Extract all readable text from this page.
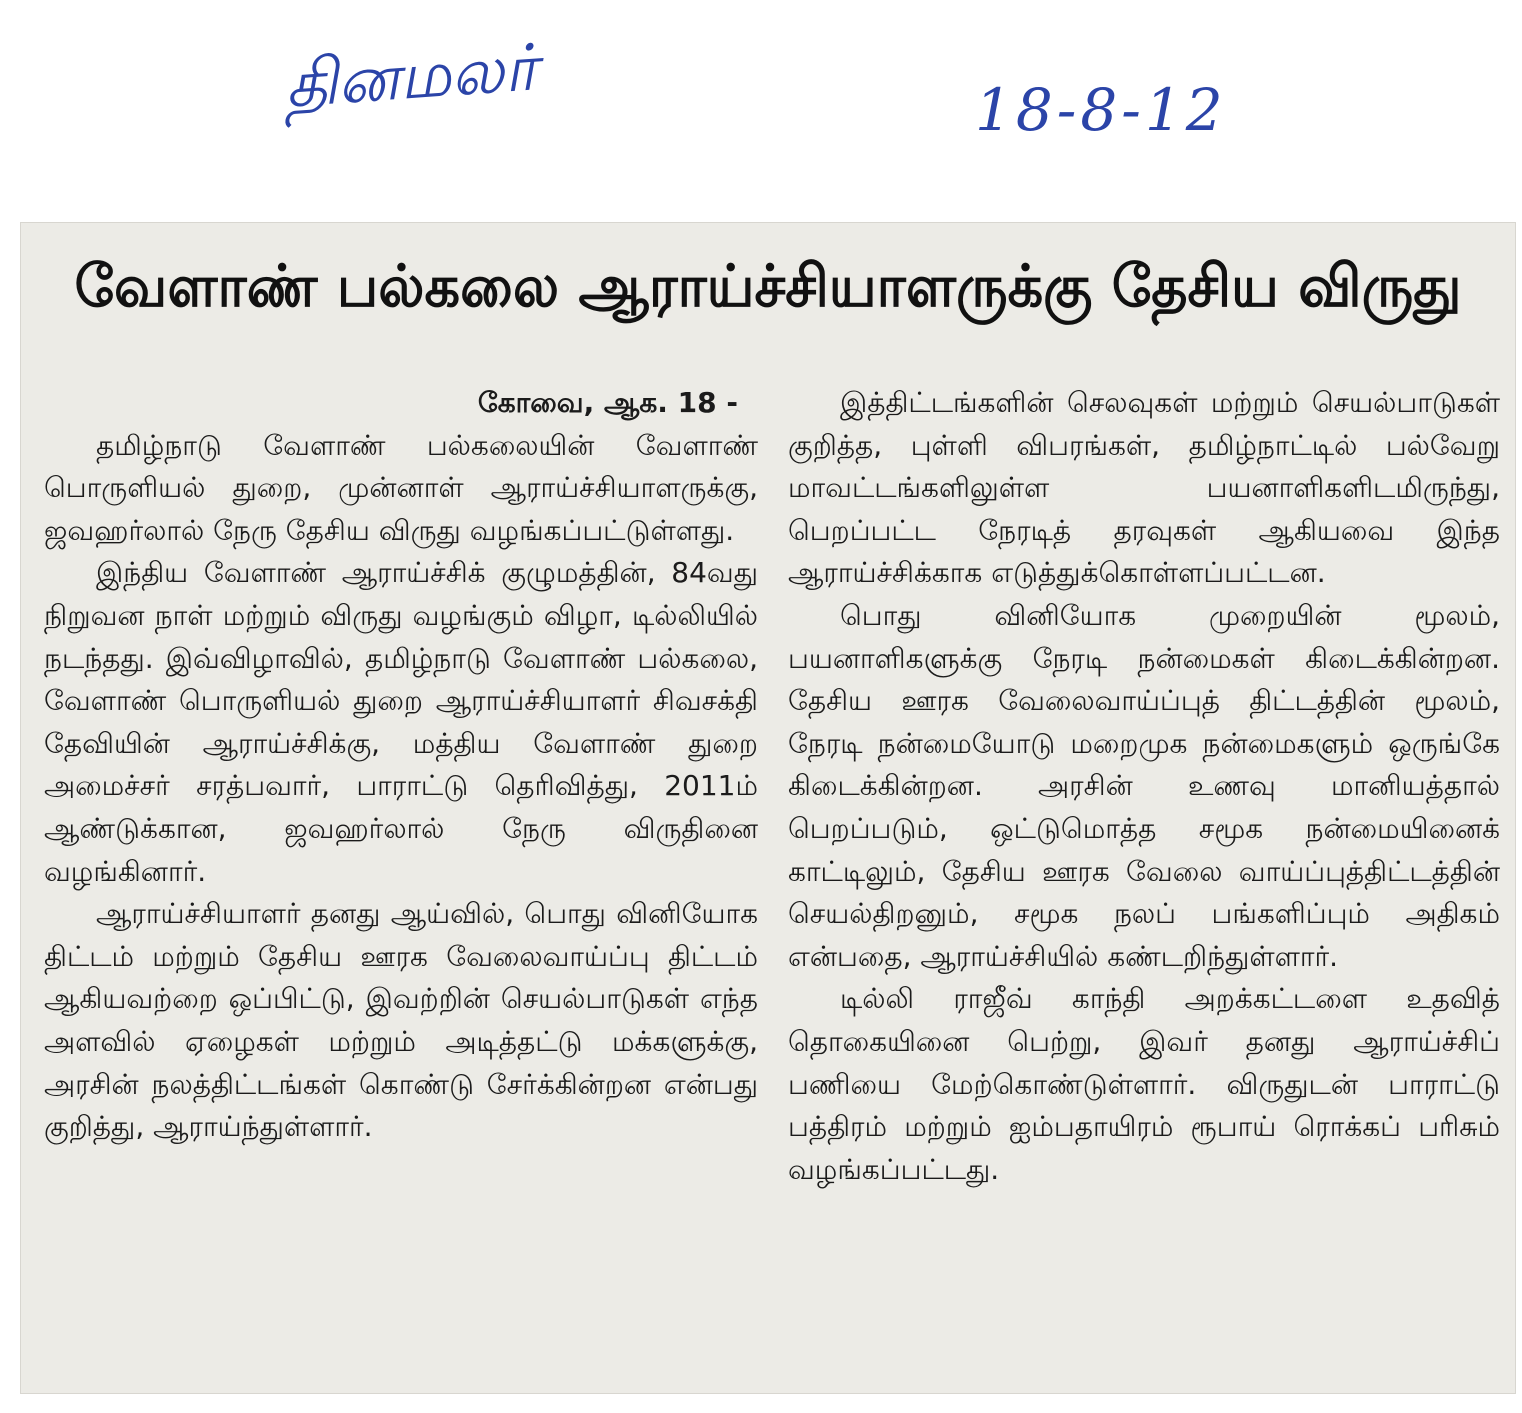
தினமலர்	18-8-12
வேளாண் பல்கலை ஆராய்ச்சியாளருக்கு தேசிய விருது

கோவை, ஆக. 18 -

தமிழ்நாடு வேளாண் பல்கலையின் வேளாண் பொருளியல் துறை, முன்னாள் ஆராய்ச்சியாளருக்கு, ஜவஹர்லால் நேரு தேசிய விருது வழங்கப்பட்டுள்ளது.

இந்திய வேளாண் ஆராய்ச்சிக் குழுமத்தின், 84வது நிறுவன நாள் மற்றும் விருது வழங்கும் விழா, டில்லியில் நடந்தது. இவ்விழாவில், தமிழ்நாடு வேளாண் பல்கலை, வேளாண் பொருளியல் துறை ஆராய்ச்சியாளர் சிவசக்தி தேவியின் ஆராய்ச்சிக்கு, மத்திய வேளாண் துறை அமைச்சர் சரத்பவார், பாராட்டு தெரிவித்து, 2011ம் ஆண்டுக்கான, ஜவஹர்லால் நேரு விருதினை வழங்கினார்.

ஆராய்ச்சியாளர் தனது ஆய்வில், பொது வினியோக திட்டம் மற்றும் தேசிய ஊரக வேலைவாய்ப்பு திட்டம் ஆகியவற்றை ஒப்பிட்டு, இவற்றின் செயல்பாடுகள் எந்த அளவில் ஏழைகள் மற்றும் அடித்தட்டு மக்களுக்கு, அரசின் நலத்திட்டங்கள் கொண்டு சேர்க்கின்றன என்பது குறித்து, ஆராய்ந்துள்ளார்.

இத்திட்டங்களின் செலவுகள் மற்றும் செயல்பாடுகள் குறித்த, புள்ளி விபரங்கள், தமிழ்நாட்டில் பல்வேறு மாவட்டங்களிலுள்ள பயனாளிகளிடமிருந்து, பெறப்பட்ட நேரடித் தரவுகள் ஆகியவை இந்த ஆராய்ச்சிக்காக எடுத்துக்கொள்ளப்பட்டன.

பொது வினியோக முறையின் மூலம், பயனாளிகளுக்கு நேரடி நன்மைகள் கிடைக்கின்றன. தேசிய ஊரக வேலைவாய்ப்புத் திட்டத்தின் மூலம், நேரடி நன்மையோடு மறைமுக நன்மைகளும் ஒருங்கே கிடைக்கின்றன. அரசின் உணவு மானியத்தால் பெறப்படும், ஒட்டுமொத்த சமூக நன்மையினைக் காட்டிலும், தேசிய ஊரக வேலை வாய்ப்புத்திட்டத்தின் செயல்திறனும், சமூக நலப் பங்களிப்பும் அதிகம் என்பதை, ஆராய்ச்சியில் கண்டறிந்துள்ளார்.

டில்லி ராஜீவ் காந்தி அறக்கட்டளை உதவித் தொகையினை பெற்று, இவர் தனது ஆராய்ச்சிப் பணியை மேற்கொண்டுள்ளார். விருதுடன் பாராட்டு பத்திரம் மற்றும் ஐம்பதாயிரம் ரூபாய் ரொக்கப் பரிசும் வழங்கப்பட்டது.
